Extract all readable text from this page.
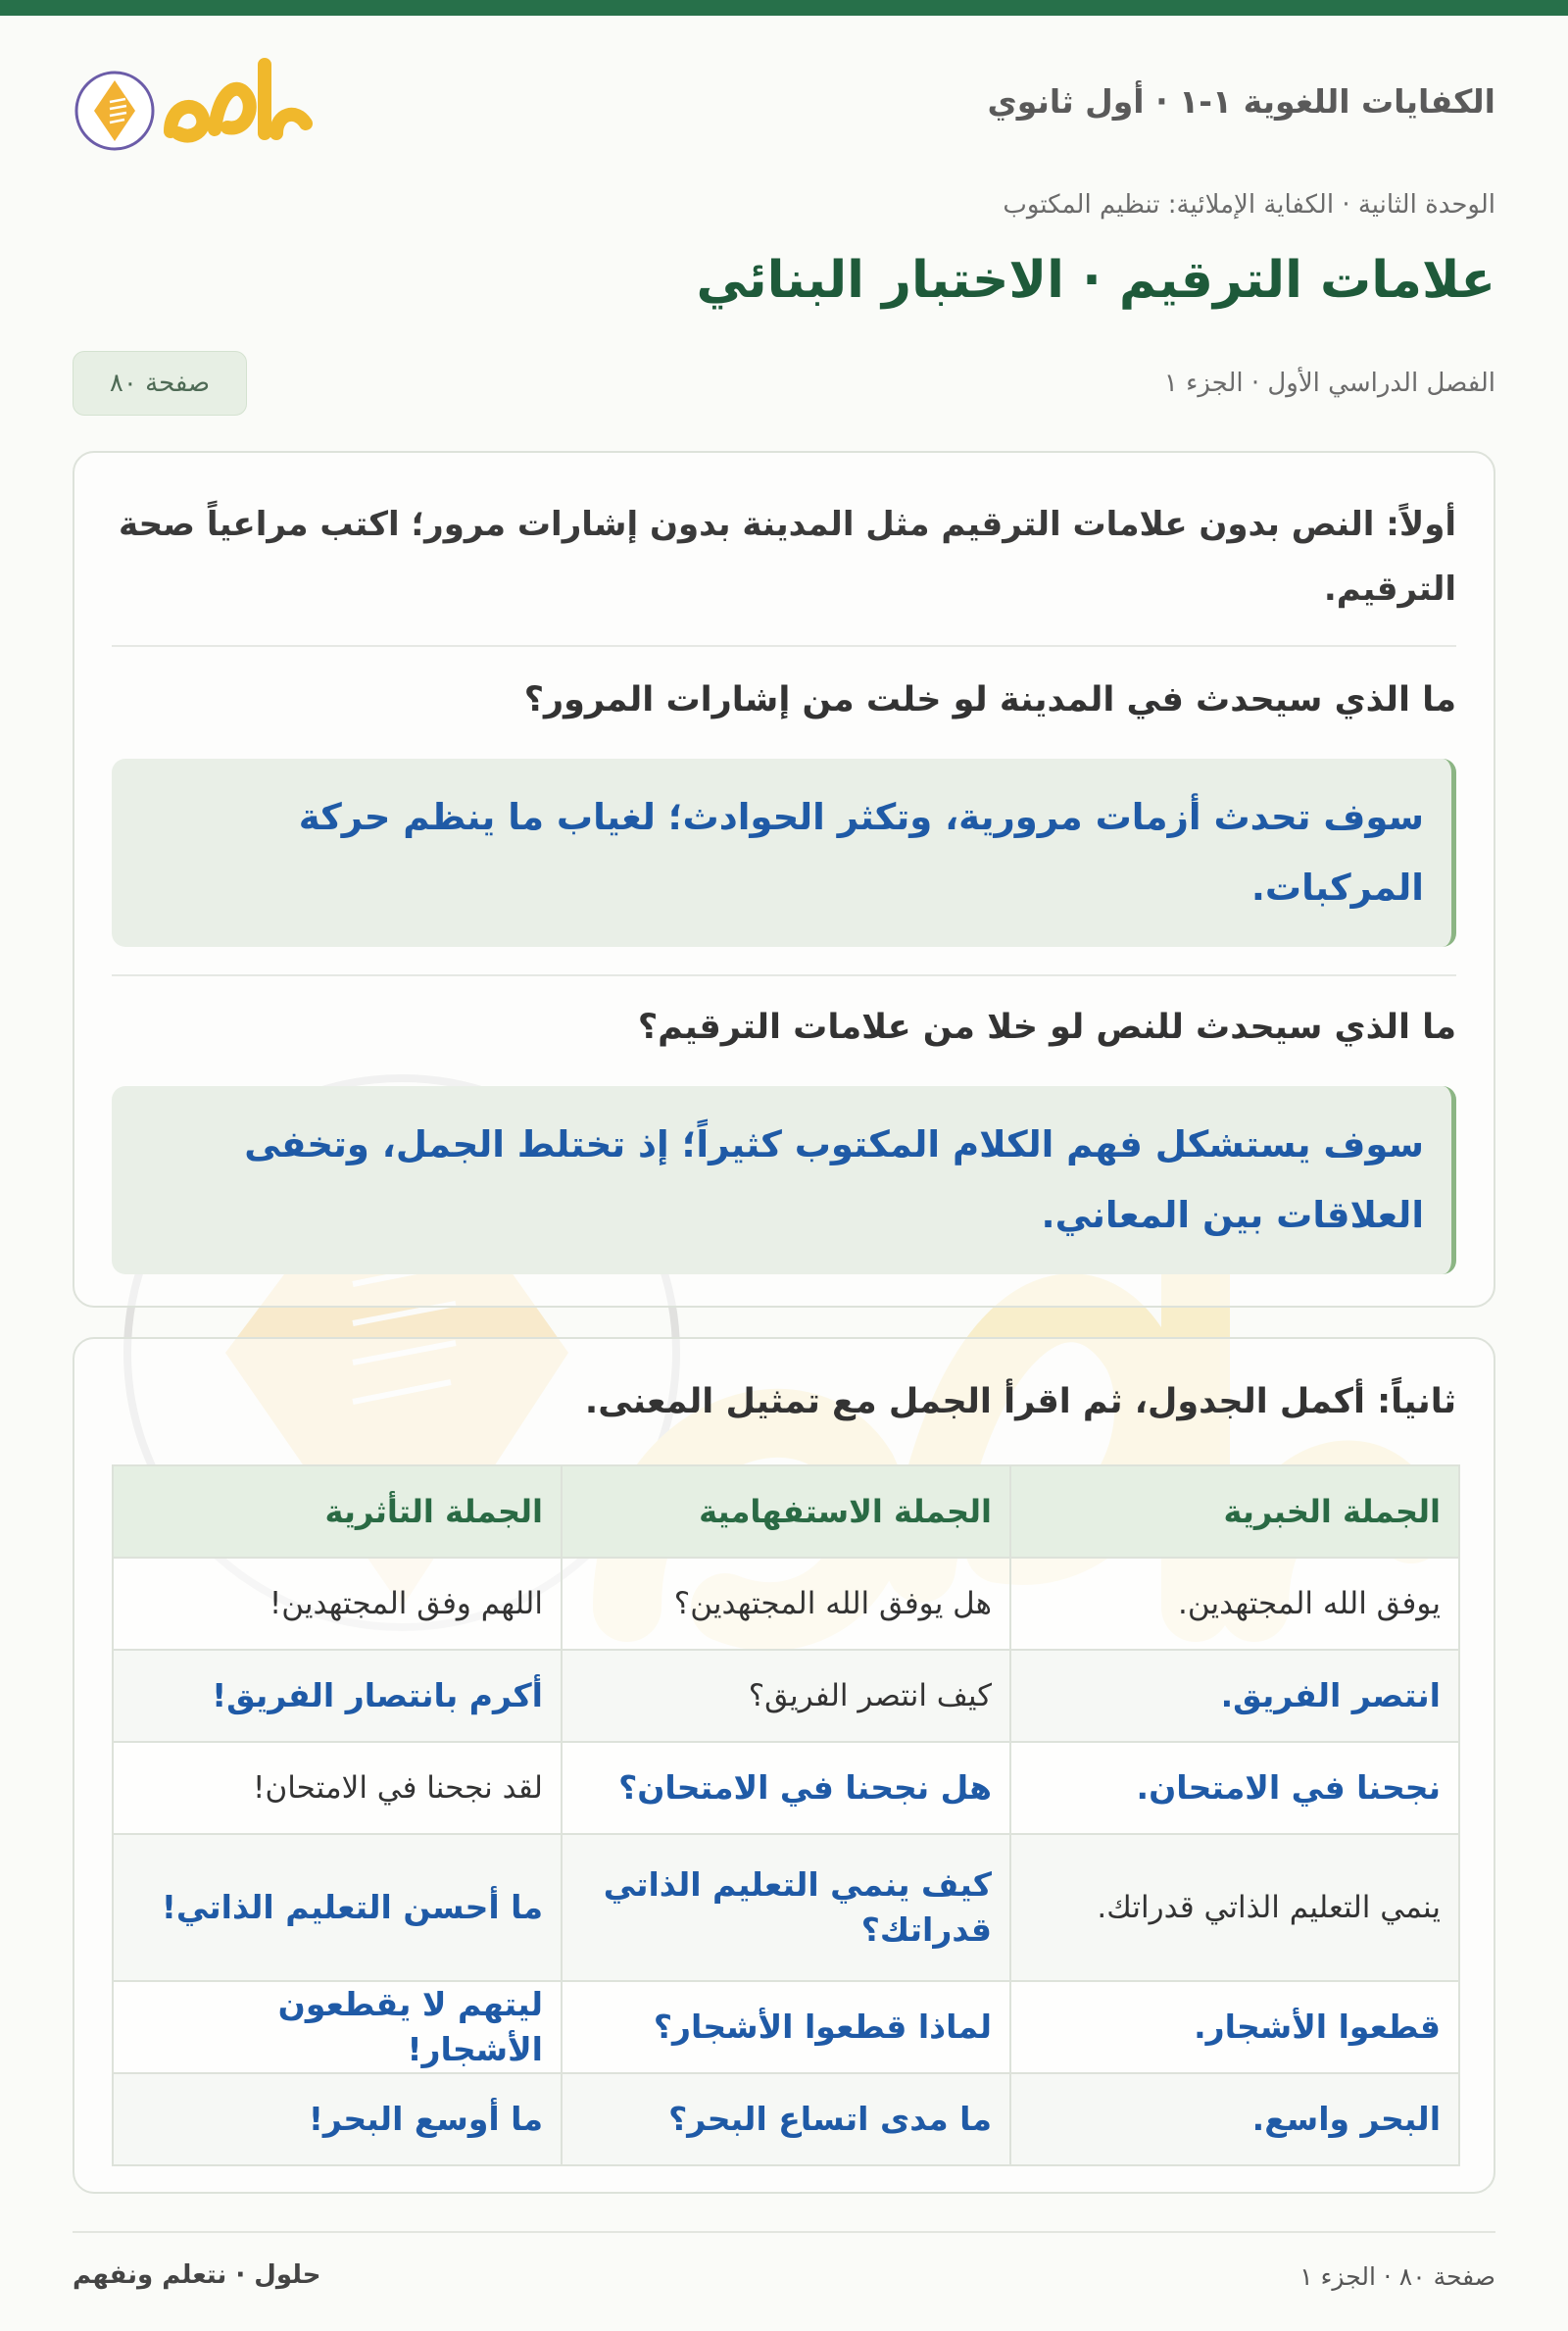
الكفايات اللغوية ١-١ · أول ثانوي
الوحدة الثانية · الكفاية الإملائية: تنظيم المكتوب
علامات الترقيم · الاختبار البنائي
الفصل الدراسي الأول · الجزء ١
صفحة ٨٠
أولاً: النص بدون علامات الترقيم مثل المدينة بدون إشارات مرور؛ اكتب مراعياً صحة الترقيم.
ما الذي سيحدث في المدينة لو خلت من إشارات المرور؟
سوف تحدث أزمات مرورية، وتكثر الحوادث؛ لغياب ما ينظم حركة المركبات.
ما الذي سيحدث للنص لو خلا من علامات الترقيم؟
سوف يستشكل فهم الكلام المكتوب كثيراً؛ إذ تختلط الجمل، وتخفى العلاقات بين المعاني.
ثانياً: أكمل الجدول، ثم اقرأ الجمل مع تمثيل المعنى.
الجملة الخبرية	الجملة الاستفهامية	الجملة التأثرية
يوفق الله المجتهدين.	هل يوفق الله المجتهدين؟	اللهم وفق المجتهدين!
انتصر الفريق.	كيف انتصر الفريق؟	أكرم بانتصار الفريق!
نجحنا في الامتحان.	هل نجحنا في الامتحان؟	لقد نجحنا في الامتحان!
ينمي التعليم الذاتي قدراتك.	كيف ينمي التعليم الذاتي قدراتك؟	ما أحسن التعليم الذاتي!
قطعوا الأشجار.	لماذا قطعوا الأشجار؟	ليتهم لا يقطعون الأشجار!
البحر واسع.	ما مدى اتساع البحر؟	ما أوسع البحر!
صفحة ٨٠ · الجزء ١
حلول · نتعلم ونفهم
